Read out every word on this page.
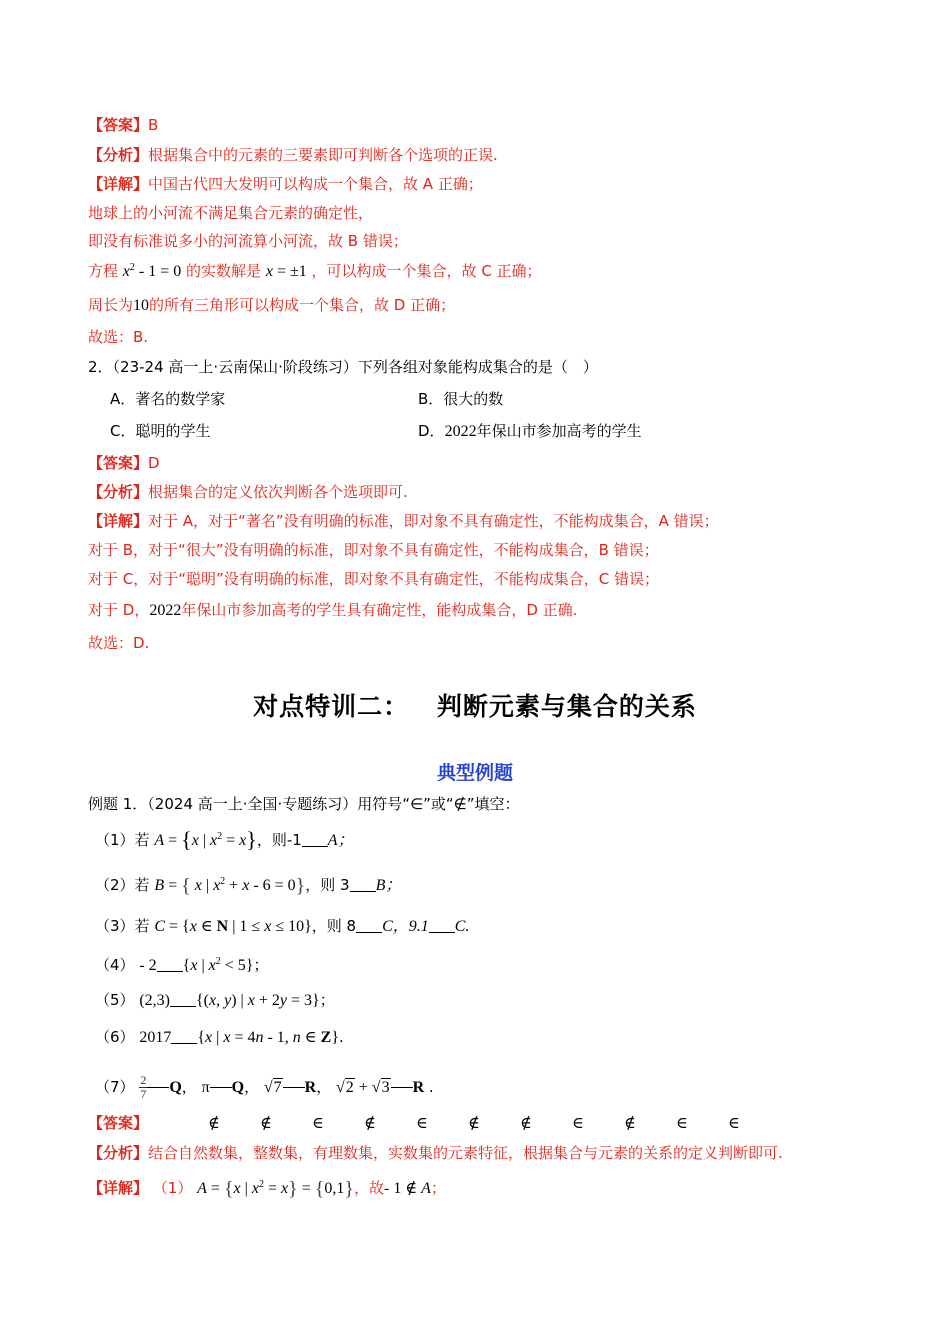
【答案】B
【分析】根据集合中的元素的三要素即可判断各个选项的正误.
【详解】中国古代四大发明可以构成一个集合，故 A 正确；
地球上的小河流不满足集合元素的确定性，
即没有标准说多小的河流算小河流，故 B 错误；
方程 $x^2 - 1 = 0$ 的实数解是 x = ±1 ，可以构成一个集合，故 C 正确；
周长为10的所有三角形可以构成一个集合，故 D 正确；
故选：B.
2．（23-24 高一上·云南保山·阶段练习）下列各组对象能构成集合的是（　）
A．著名的数学家	B．很大的数
C．聪明的学生	D．2022年保山市参加高考的学生
【答案】D
【分析】根据集合的定义依次判断各个选项即可.
【详解】对于 A，对于“著名”没有明确的标准，即对象不具有确定性，不能构成集合，A 错误；
对于 B，对于“很大”没有明确的标准，即对象不具有确定性，不能构成集合，B 错误；
对于 C，对于“聪明”没有明确的标准，即对象不具有确定性，不能构成集合，C 错误；
对于 D，2022年保山市参加高考的学生具有确定性，能构成集合，D 正确.
故选：D.
对点特训二： 判断元素与集合的关系
典型例题
例题 1．（2024 高一上·全国·专题练习）用符号“∈”或“∉”填空：
（1）若 A = {x | $x^2 = x$}，则-1 A；
（2）若 B = { x | $x^2 + x - 6 = 0$}，则 3 B；
（3）若 C = {x ∈ N | 1 ≤ x ≤ 10}，则 8 C，9.1 C.
（4） - 2 {x | $x^2 < 5$}；
（5） (2,3) {(x, y) | x + 2y = 3}；
（6） 2017 {x | x = 4n - 1, n ∈ Z}.
$(7) \frac{2}{7}$ Q， π Q， √7 R， √2 + √3 R .
【答案】	∉	∉	∈	∉	∈	∉	∉	∈	∉	∈	∈
【分析】结合自然数集，整数集，有理数集，实数集的元素特征，根据集合与元素的关系的定义判断即可.
【详解】 （1） A = {x | $x^2 = x\} = \{0,1\}$，故- 1 ∉ A；
